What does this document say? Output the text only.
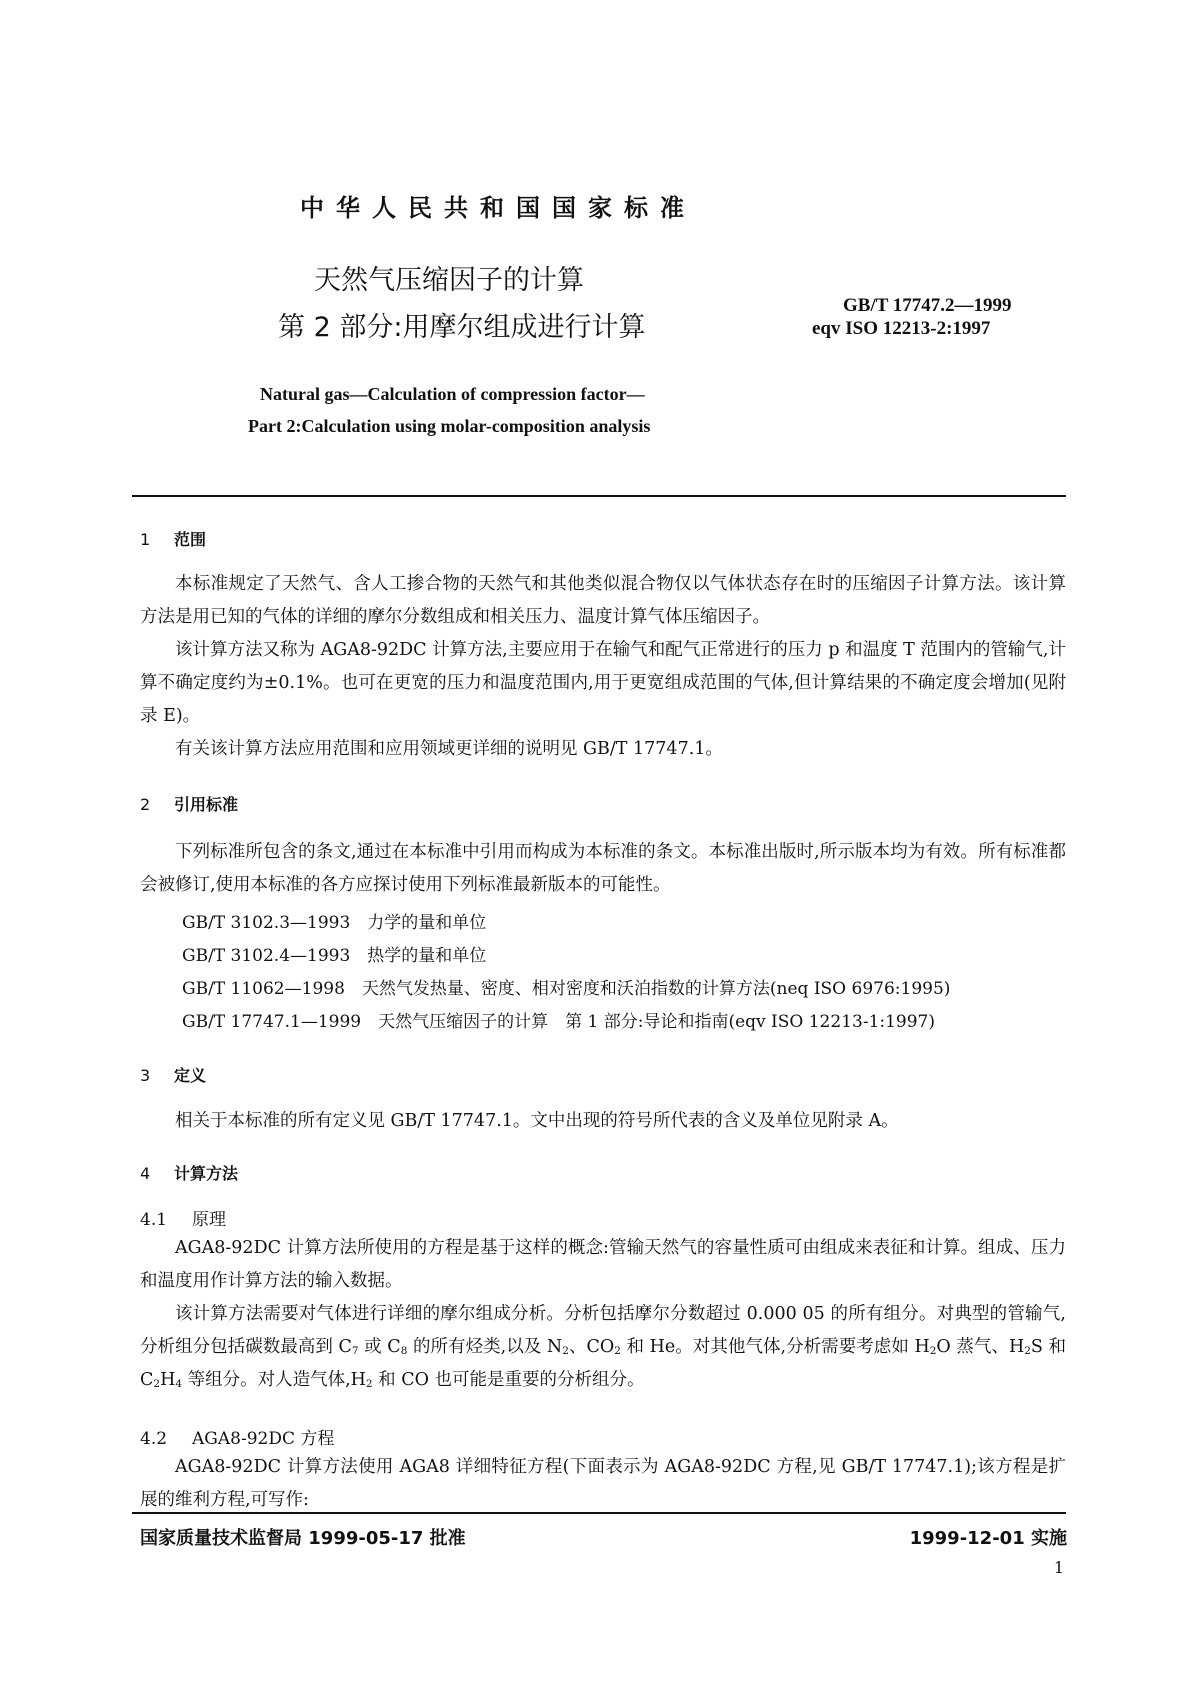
中华人民共和国国家标准
天然气压缩因子的计算
第 2 部分:用摩尔组成进行计算
GB/T 17747.2—1999
eqv ISO 12213-2:1997
Natural gas—Calculation of compression factor—
Part 2:Calculation using molar-composition analysis
1 范围

本标准规定了天然气、含人工掺合物的天然气和其他类似混合物仅以气体状态存在时的压缩因子计算方法。该计算方法是用已知的气体的详细的摩尔分数组成和相关压力、温度计算气体压缩因子。

该计算方法又称为 AGA8-92DC 计算方法,主要应用于在输气和配气正常进行的压力 p 和温度 T 范围内的管输气,计算不确定度约为±0.1%。也可在更宽的压力和温度范围内,用于更宽组成范围的气体,但计算结果的不确定度会增加(见附录 E)。

有关该计算方法应用范围和应用领域更详细的说明见 GB/T 17747.1。

2 引用标准

下列标准所包含的条文,通过在本标准中引用而构成为本标准的条文。本标准出版时,所示版本均为有效。所有标准都会被修订,使用本标准的各方应探讨使用下列标准最新版本的可能性。

GB/T 3102.3—1993　力学的量和单位
GB/T 3102.4—1993　热学的量和单位
GB/T 11062—1998　天然气发热量、密度、相对密度和沃泊指数的计算方法(neq ISO 6976:1995)
GB/T 17747.1—1999　天然气压缩因子的计算　第 1 部分:导论和指南(eqv ISO 12213-1:1997)
3 定义

相关于本标准的所有定义见 GB/T 17747.1。文中出现的符号所代表的含义及单位见附录 A。

4 计算方法
4.1 原理

AGA8-92DC 计算方法所使用的方程是基于这样的概念:管输天然气的容量性质可由组成来表征和计算。组成、压力和温度用作计算方法的输入数据。

该计算方法需要对气体进行详细的摩尔组成分析。分析包括摩尔分数超过 0.000 05 的所有组分。对典型的管输气,分析组分包括碳数最高到 $C_7$ 或 $C_8$ 的所有烃类,以及 $N_2$、$CO_2$ 和 He。对其他气体,分析需要考虑如 $H_2O$ 蒸气、$H_2S$ 和 $C_2H_4$ 等组分。对人造气体$,H_2$ 和 CO 也可能是重要的分析组分。

4.2 AGA8-92DC 方程

AGA8-92DC 计算方法使用 AGA8 详细特征方程(下面表示为 AGA8-92DC 方程,见 GB/T 17747.1);该方程是扩展的维利方程,可写作:

国家质量技术监督局 1999-05-17 批准	1999-12-01 实施
1
